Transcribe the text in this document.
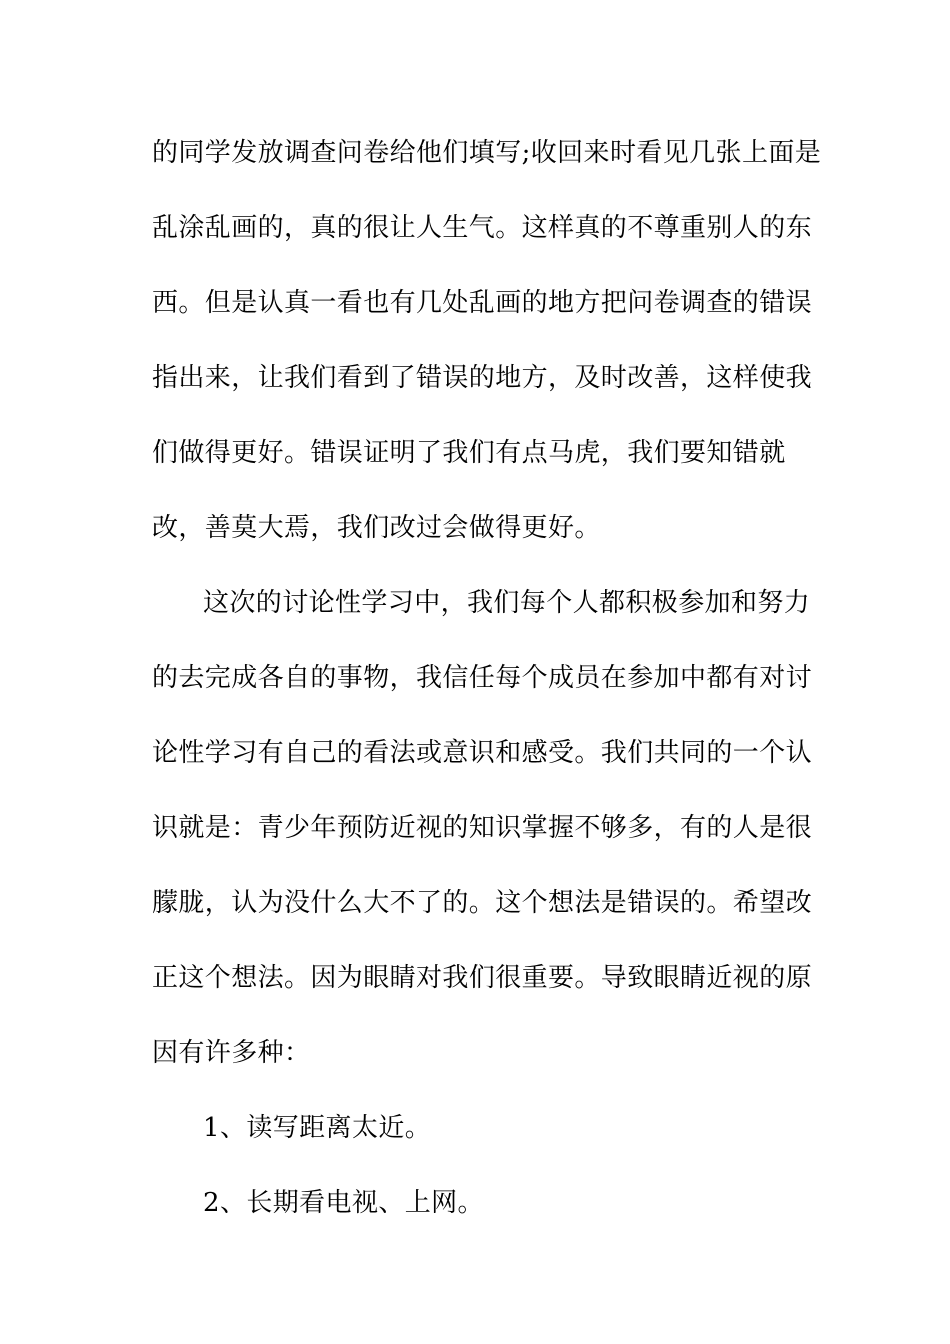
的同学发放调查问卷给他们填写;收回来时看见几张上面是

乱涂乱画的，真的很让人生气。这样真的不尊重别人的东

西。但是认真一看也有几处乱画的地方把问卷调查的错误

指出来，让我们看到了错误的地方，及时改善，这样使我

们做得更好。错误证明了我们有点马虎，我们要知错就

改，善莫大焉，我们改过会做得更好。

这次的讨论性学习中，我们每个人都积极参加和努力

的去完成各自的事物，我信任每个成员在参加中都有对讨

论性学习有自己的看法或意识和感受。我们共同的一个认

识就是：青少年预防近视的知识掌握不够多，有的人是很

朦胧，认为没什么大不了的。这个想法是错误的。希望改

正这个想法。因为眼睛对我们很重要。导致眼睛近视的原

因有许多种：

1、读写距离太近。

2、长期看电视、上网。
